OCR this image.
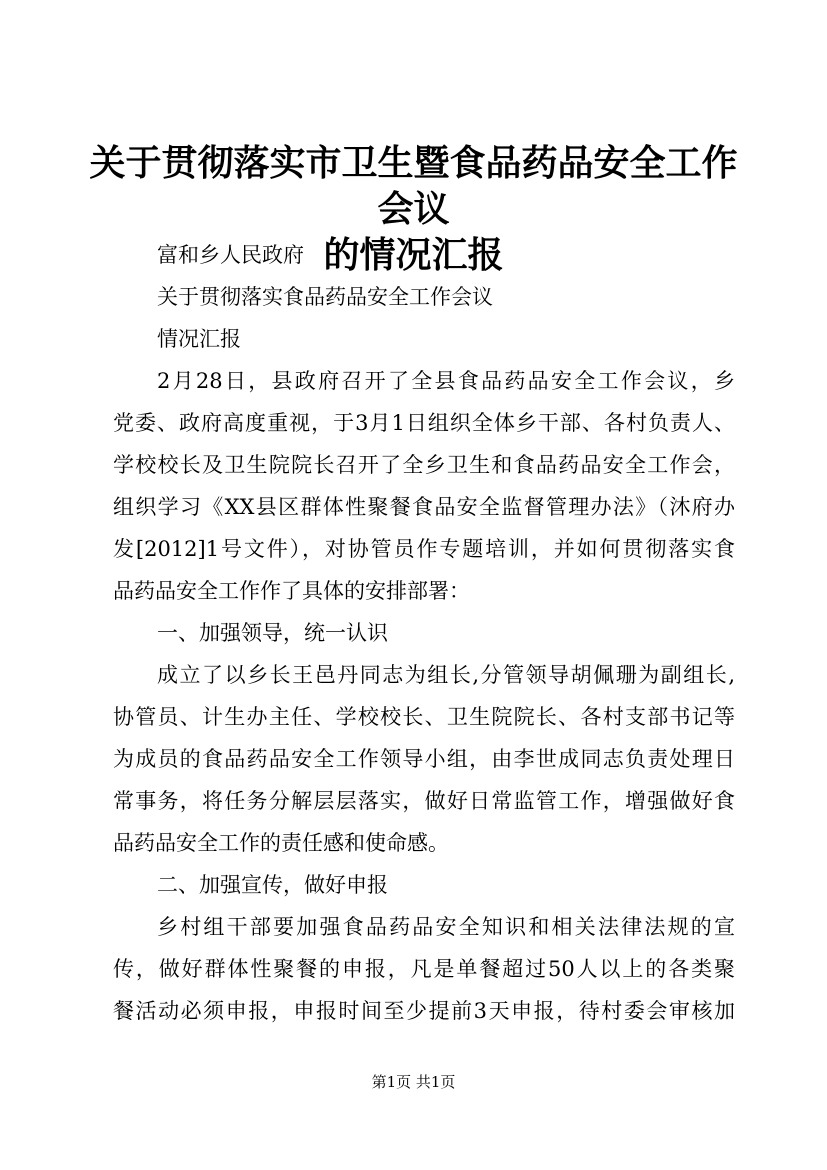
关于贯彻落实市卫生暨食品药品安全工作会议
的情况汇报
富和乡人民政府
关于贯彻落实食品药品安全工作会议
情况汇报
2月28日，县政府召开了全县食品药品安全工作会议，乡
党委、政府高度重视，于3月1日组织全体乡干部、各村负责人、
学校校长及卫生院院长召开了全乡卫生和食品药品安全工作会，
组织学习《XX县区群体性聚餐食品安全监督管理办法》（沐府办
发[2012]1号文件），对协管员作专题培训，并如何贯彻落实食
品药品安全工作作了具体的安排部署：
一、加强领导，统一认识
成立了以乡长王邑丹同志为组长,分管领导胡佩珊为副组长,
协管员、计生办主任、学校校长、卫生院院长、各村支部书记等
为成员的食品药品安全工作领导小组，由李世成同志负责处理日
常事务，将任务分解层层落实，做好日常监管工作，增强做好食
品药品安全工作的责任感和使命感。
二、加强宣传，做好申报
乡村组干部要加强食品药品安全知识和相关法律法规的宣
传，做好群体性聚餐的申报，凡是单餐超过50人以上的各类聚
餐活动必须申报，申报时间至少提前3天申报，待村委会审核加
第1页 共1页
